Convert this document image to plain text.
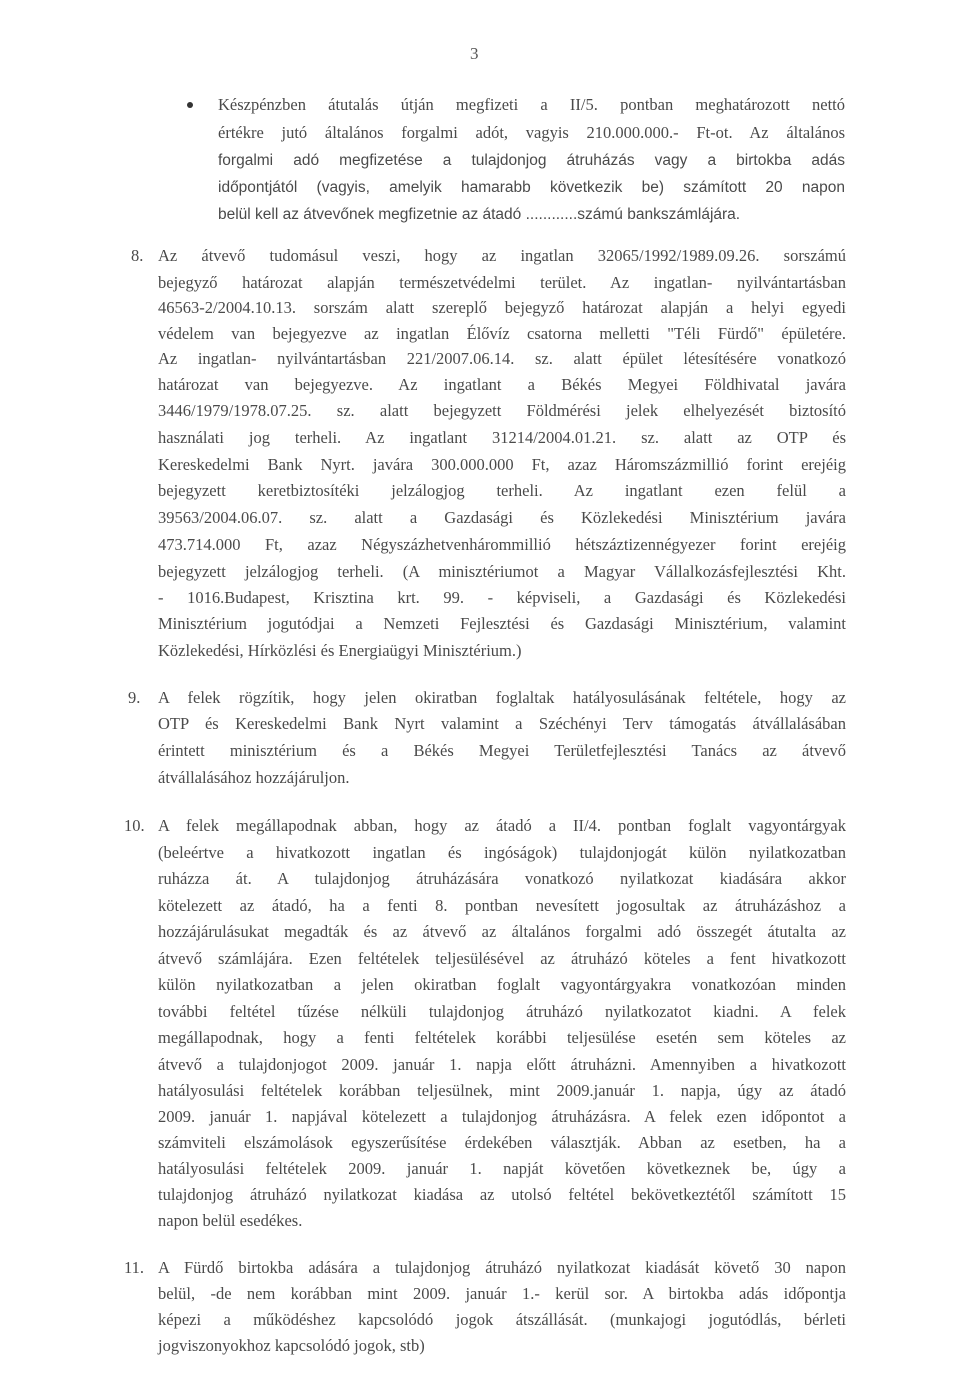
3
Készpénzben átutalás útján megfizeti a II/5. pontban meghatározott nettó
értékre jutó általános forgalmi adót, vagyis 210.000.000.- Ft-ot. Az általános
forgalmi adó megfizetése a tulajdonjog átruházás vagy a birtokba adás
időpontjától (vagyis, amelyik hamarabb következik be) számított 20 napon
belül kell az átvevőnek megfizetnie az átadó ............számú bankszámlájára.
8. Az átvevő tudomásul veszi, hogy az ingatlan 32065/1992/1989.09.26. sorszámú
bejegyző határozat alapján természetvédelmi terület. Az ingatlan- nyilvántartásban
46563-2/2004.10.13. sorszám alatt szereplő bejegyző határozat alapján a helyi egyedi
védelem van bejegyezve az ingatlan Élővíz csatorna melletti "Téli Fürdő" épületére.
Az ingatlan- nyilvántartásban 221/2007.06.14. sz. alatt épület létesítésére vonatkozó
határozat van bejegyezve. Az ingatlant a Békés Megyei Földhivatal javára
3446/1979/1978.07.25. sz. alatt bejegyzett Földmérési jelek elhelyezését biztosító
használati jog terheli. Az ingatlant 31214/2004.01.21. sz. alatt az OTP és
Kereskedelmi Bank Nyrt. javára 300.000.000 Ft, azaz Háromszázmillió forint erejéig
bejegyzett keretbiztosítéki jelzálogjog terheli. Az ingatlant ezen felül a
39563/2004.06.07. sz. alatt a Gazdasági és Közlekedési Minisztérium javára
473.714.000 Ft, azaz Négyszázhetvenhárommillió hétszáztizennégyezer forint erejéig
bejegyzett jelzálogjog terheli. (A minisztériumot a Magyar Vállalkozásfejlesztési Kht.
- 1016.Budapest, Krisztina krt. 99. - képviseli, a Gazdasági és Közlekedési
Minisztérium jogutódjai a Nemzeti Fejlesztési és Gazdasági Minisztérium, valamint
Közlekedési, Hírközlési és Energiaügyi Minisztérium.)
9. A felek rögzítik, hogy jelen okiratban foglaltak hatályosulásának feltétele, hogy az
OTP és Kereskedelmi Bank Nyrt valamint a Széchényi Terv támogatás átvállalásában
érintett minisztérium és a Békés Megyei Területfejlesztési Tanács az átvevő
átvállalásához hozzájáruljon.
10. A felek megállapodnak abban, hogy az átadó a II/4. pontban foglalt vagyontárgyak
(beleértve a hivatkozott ingatlan és ingóságok) tulajdonjogát külön nyilatkozatban
ruházza át. A tulajdonjog átruházására vonatkozó nyilatkozat kiadására akkor
kötelezett az átadó, ha a fenti 8. pontban nevesített jogosultak az átruházáshoz a
hozzájárulásukat megadták és az átvevő az általános forgalmi adó összegét átutalta az
átvevő számlájára. Ezen feltételek teljesülésével az átruházó köteles a fent hivatkozott
külön nyilatkozatban a jelen okiratban foglalt vagyontárgyakra vonatkozóan minden
további feltétel tűzése nélküli tulajdonjog átruházó nyilatkozatot kiadni. A felek
megállapodnak, hogy a fenti feltételek korábbi teljesülése esetén sem köteles az
átvevő a tulajdonjogot 2009. január 1. napja előtt átruházni. Amennyiben a hivatkozott
hatályosulási feltételek korábban teljesülnek, mint 2009.január 1. napja, úgy az átadó
2009. január 1. napjával kötelezett a tulajdonjog átruházásra. A felek ezen időpontot a
számviteli elszámolások egyszerűsítése érdekében választják. Abban az esetben, ha a
hatályosulási feltételek 2009. január 1. napját követően következnek be, úgy a
tulajdonjog átruházó nyilatkozat kiadása az utolsó feltétel bekövetkeztétől számított 15
napon belül esedékes.
11. A Fürdő birtokba adására a tulajdonjog átruházó nyilatkozat kiadását követő 30 napon
belül, -de nem korábban mint 2009. január 1.- kerül sor. A birtokba adás időpontja
képezi a működéshez kapcsolódó jogok átszállását. (munkajogi jogutódlás, bérleti
jogviszonyokhoz kapcsolódó jogok, stb)
